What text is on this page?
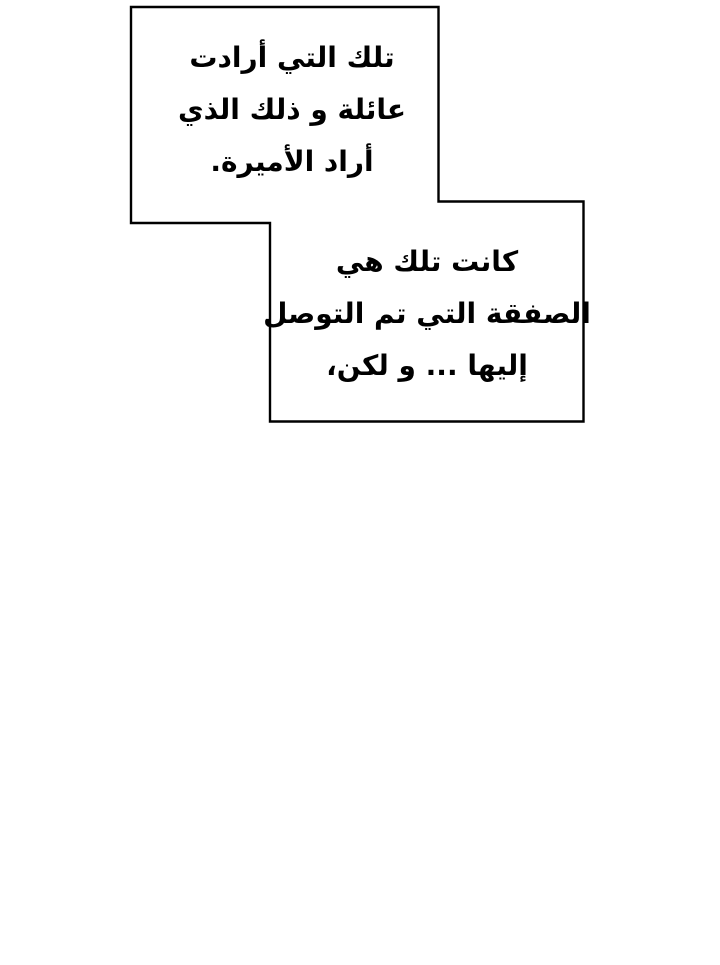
تلك التي أرادت
عائلة و ذلك الذي
أراد الأميرة.
كانت تلك هي
الصفقة التي تم التوصل
إليها ... و لكن،
